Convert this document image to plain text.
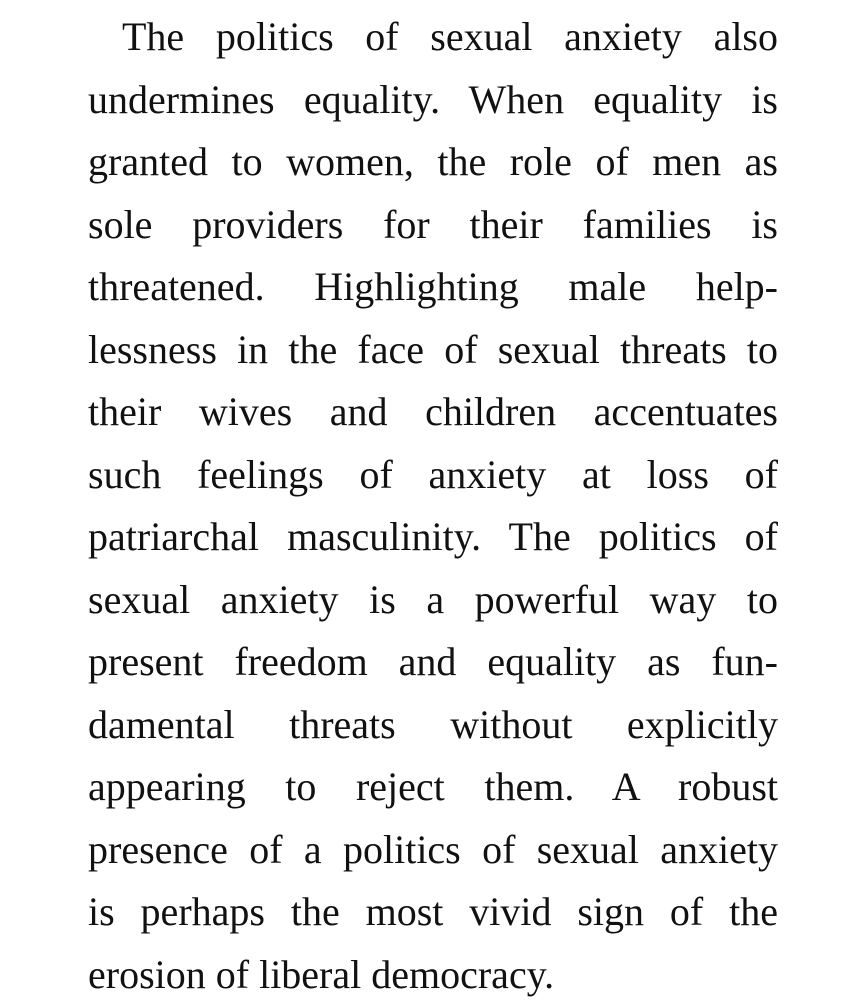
The politics of sexual anxiety also
undermines equality. When equality is
granted to women, the role of men as
sole providers for their families is
threatened. Highlighting male help-
lessness in the face of sexual threats to
their wives and children accentuates
such feelings of anxiety at loss of
patriarchal masculinity. The politics of
sexual anxiety is a powerful way to
present freedom and equality as fun-
damental threats without explicitly
appearing to reject them. A robust
presence of a politics of sexual anxiety
is perhaps the most vivid sign of the
erosion of liberal democracy.
